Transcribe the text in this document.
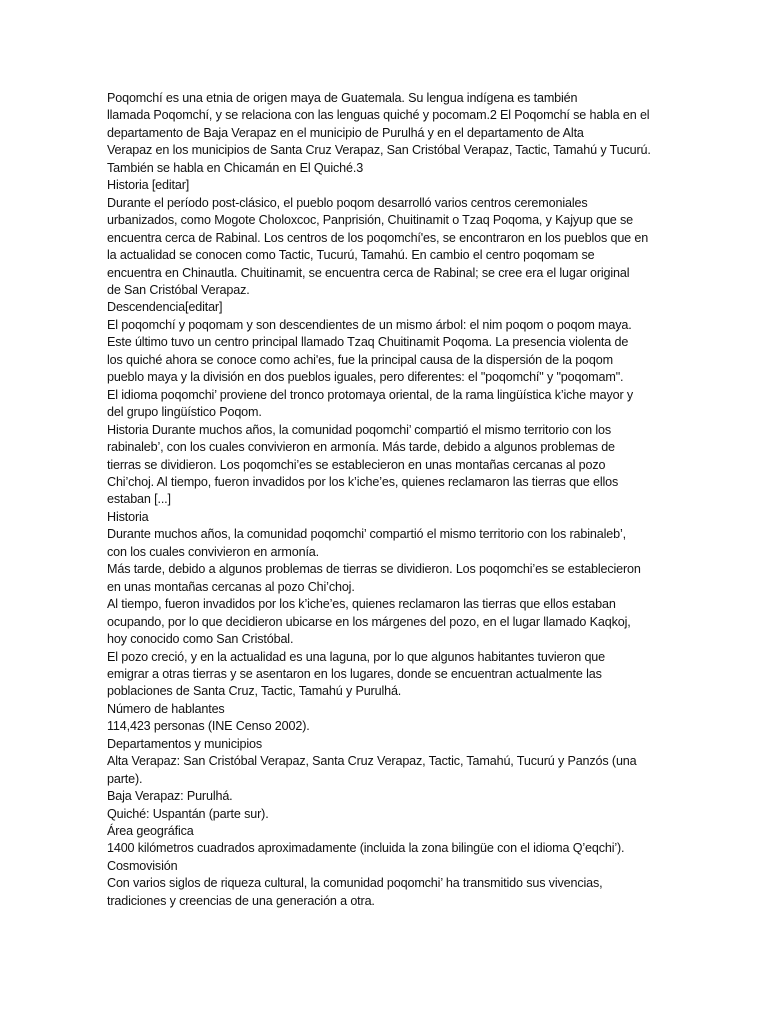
Poqomchí es una etnia de origen maya de Guatemala. Su lengua indígena es también
llamada Poqomchí, y se relaciona con las lenguas quiché y pocomam.2 El Poqomchí se habla en el
departamento de Baja Verapaz en el municipio de Purulhá y en el departamento de Alta
Verapaz en los municipios de Santa Cruz Verapaz, San Cristóbal Verapaz, Tactic, Tamahú y Tucurú.
También se habla en Chicamán en El Quiché.3
Historia [editar]
Durante el período post-clásico, el pueblo poqom desarrolló varios centros ceremoniales
urbanizados, como Mogote Choloxcoc, Panprisión, Chuitinamit o Tzaq Poqoma, y Kajyup que se
encuentra cerca de Rabinal. Los centros de los poqomchí'es, se encontraron en los pueblos que en
la actualidad se conocen como Tactic, Tucurú, Tamahú. En cambio el centro poqomam se
encuentra en Chinautla. Chuitinamit, se encuentra cerca de Rabinal; se cree era el lugar original
de San Cristóbal Verapaz.
Descendencia[editar]
El poqomchí y poqomam y son descendientes de un mismo árbol: el nim poqom o poqom maya.
Este último tuvo un centro principal llamado Tzaq Chuitinamit Poqoma. La presencia violenta de
los quiché ahora se conoce como achi'es, fue la principal causa de la dispersión de la poqom
pueblo maya y la división en dos pueblos iguales, pero diferentes: el "poqomchí" y "poqomam".
El idioma poqomchi’ proviene del tronco protomaya oriental, de la rama lingüística k’iche mayor y
del grupo lingüístico Poqom.
Historia Durante muchos años, la comunidad poqomchi’ compartió el mismo territorio con los
rabinaleb’, con los cuales convivieron en armonía. Más tarde, debido a algunos problemas de
tierras se dividieron. Los poqomchi’es se establecieron en unas montañas cercanas al pozo
Chi’choj. Al tiempo, fueron invadidos por los k’iche’es, quienes reclamaron las tierras que ellos
estaban [...]
Historia
Durante muchos años, la comunidad poqomchi’ compartió el mismo territorio con los rabinaleb’,
con los cuales convivieron en armonía.
Más tarde, debido a algunos problemas de tierras se dividieron. Los poqomchi’es se establecieron
en unas montañas cercanas al pozo Chi’choj.
Al tiempo, fueron invadidos por los k’iche’es, quienes reclamaron las tierras que ellos estaban
ocupando, por lo que decidieron ubicarse en los márgenes del pozo, en el lugar llamado Kaqkoj,
hoy conocido como San Cristóbal.
El pozo creció, y en la actualidad es una laguna, por lo que algunos habitantes tuvieron que
emigrar a otras tierras y se asentaron en los lugares, donde se encuentran actualmente las
poblaciones de Santa Cruz, Tactic, Tamahú y Purulhá.
Número de hablantes
114,423 personas (INE Censo 2002).
Departamentos y municipios
Alta Verapaz: San Cristóbal Verapaz, Santa Cruz Verapaz, Tactic, Tamahú, Tucurú y Panzós (una
parte).
Baja Verapaz: Purulhá.
Quiché: Uspantán (parte sur).
Área geográfica
1400 kilómetros cuadrados aproximadamente (incluida la zona bilingüe con el idioma Q’eqchi’).
Cosmovisión
Con varios siglos de riqueza cultural, la comunidad poqomchi’ ha transmitido sus vivencias,
tradiciones y creencias de una generación a otra.
